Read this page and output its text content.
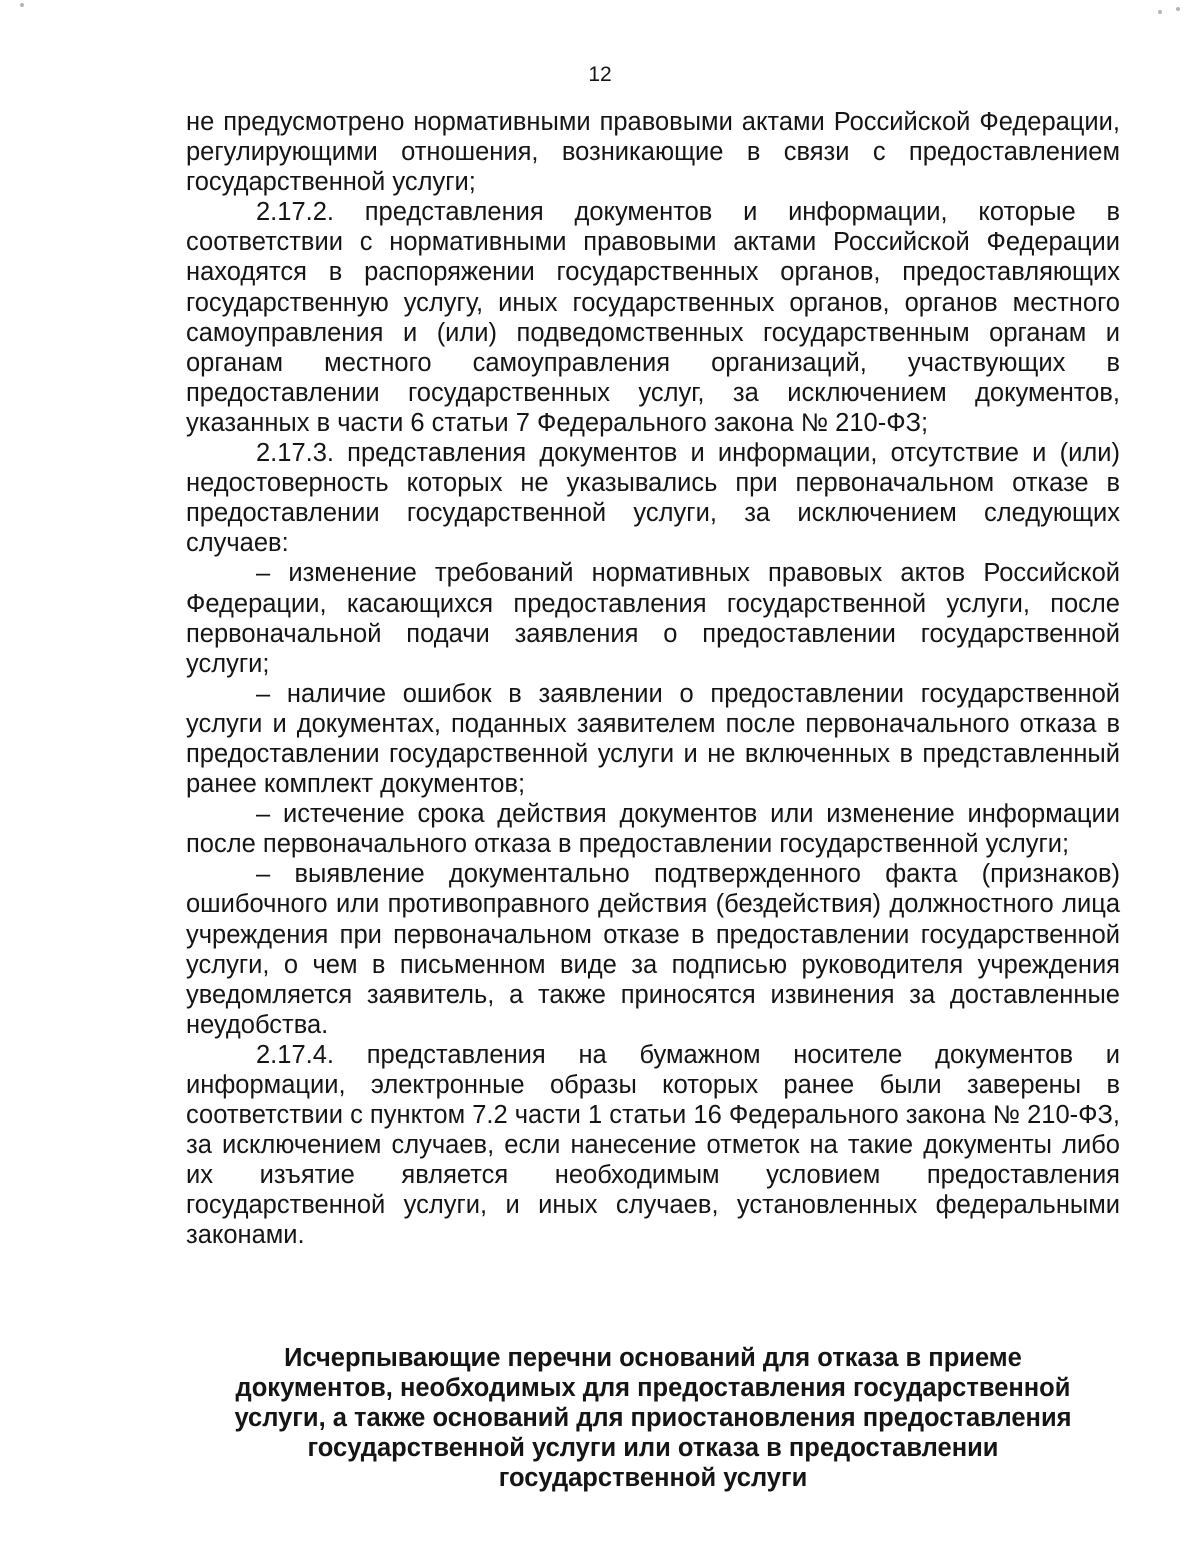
12

не предусмотрено нормативными правовыми актами Российской Федерации, регулирующими отношения, возникающие в связи с предоставлением государственной услуги;

2.17.2. представления документов и информации, которые в соответствии с нормативными правовыми актами Российской Федерации находятся в распоряжении государственных органов, предоставляющих государственную услугу, иных государственных органов, органов местного самоуправления и (или) подведомственных государственным органам и органам местного самоуправления организаций, участвующих в предоставлении государственных услуг, за исключением документов, указанных в части 6 статьи 7 Федерального закона № 210-ФЗ;

2.17.3. представления документов и информации, отсутствие и (или) недостоверность которых не указывались при первоначальном отказе в предоставлении государственной услуги, за исключением следующих случаев:

– изменение требований нормативных правовых актов Российской Федерации, касающихся предоставления государственной услуги, после первоначальной подачи заявления о предоставлении государственной услуги;

– наличие ошибок в заявлении о предоставлении государственной услуги и документах, поданных заявителем после первоначального отказа в предоставлении государственной услуги и не включенных в представленный ранее комплект документов;

– истечение срока действия документов или изменение информации после первоначального отказа в предоставлении государственной услуги;

– выявление документально подтвержденного факта (признаков) ошибочного или противоправного действия (бездействия) должностного лица учреждения при первоначальном отказе в предоставлении государственной услуги, о чем в письменном виде за подписью руководителя учреждения уведомляется заявитель, а также приносятся извинения за доставленные неудобства.

2.17.4. представления на бумажном носителе документов и информации, электронные образы которых ранее были заверены в соответствии с пунктом 7.2 части 1 статьи 16 Федерального закона № 210-ФЗ, за исключением случаев, если нанесение отметок на такие документы либо их изъятие является необходимым условием предоставления государственной услуги, и иных случаев, установленных федеральными законами.

Исчерпывающие перечни оснований для отказа в приеме

документов, необходимых для предоставления государственной

услуги, а также оснований для приостановления предоставления

государственной услуги или отказа в предоставлении

государственной услуги
